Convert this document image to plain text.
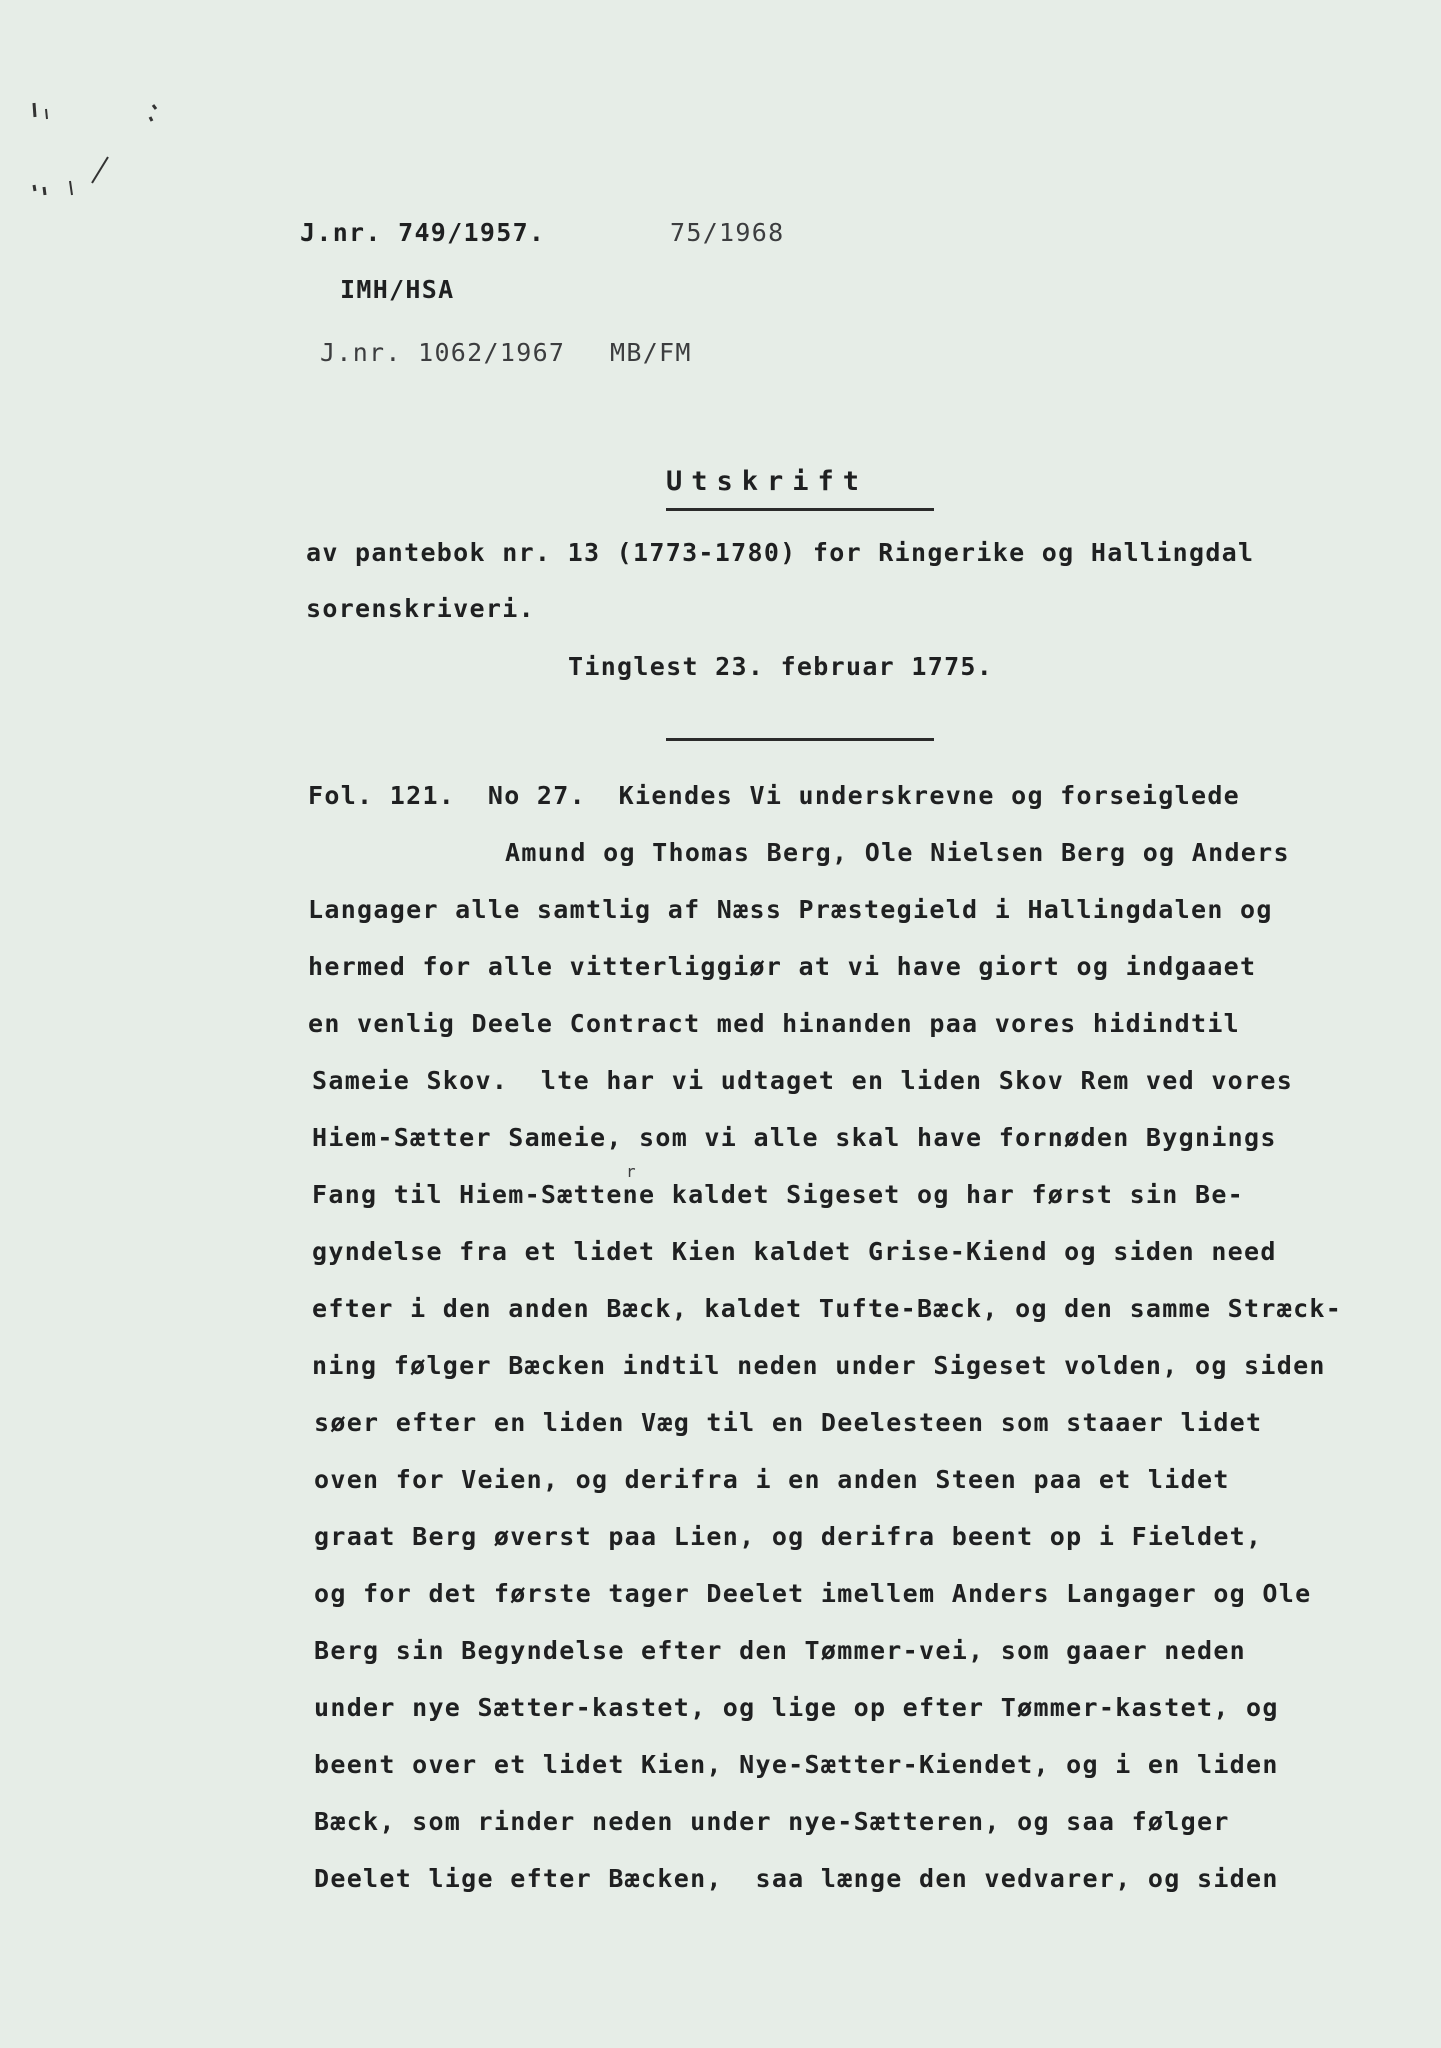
J.nr. 749/1957.	75/1968
IMH/HSA
J.nr. 1062/1967 MB/FM
Utskrift
av pantebok nr. 13 (1773-1780) for Ringerike og Hallingdal
sorenskriveri.
Tinglest 23. februar 1775.
Fol. 121.  No 27.  Kiendes Vi underskrevne og forseiglede
Amund og Thomas Berg, Ole Nielsen Berg og Anders
Langager alle samtlig af Næss Præstegield i Hallingdalen og
hermed for alle vitterliggiør at vi have giort og indgaaet
en venlig Deele Contract med hinanden paa vores hidindtil
Sameie Skov.  lte har vi udtaget en liden Skov Rem ved vores
Hiem-Sætter Sameie, som vi alle skal have fornøden Bygnings
Fang til Hiem-Sættene kaldet Sigeset og har først sin Be-
gyndelse fra et lidet Kien kaldet Grise-Kiend og siden need
efter i den anden Bæck, kaldet Tufte-Bæck, og den samme Stræck-
ning følger Bæcken indtil neden under Sigeset volden, og siden
søer efter en liden Væg til en Deelesteen som staaer lidet
oven for Veien, og derifra i en anden Steen paa et lidet
graat Berg øverst paa Lien, og derifra beent op i Fieldet,
og for det første tager Deelet imellem Anders Langager og Ole
Berg sin Begyndelse efter den Tømmer-vei, som gaaer neden
under nye Sætter-kastet, og lige op efter Tømmer-kastet, og
beent over et lidet Kien, Nye-Sætter-Kiendet, og i en liden
Bæck, som rinder neden under nye-Sætteren, og saa følger
Deelet lige efter Bæcken,  saa længe den vedvarer, og siden
r
